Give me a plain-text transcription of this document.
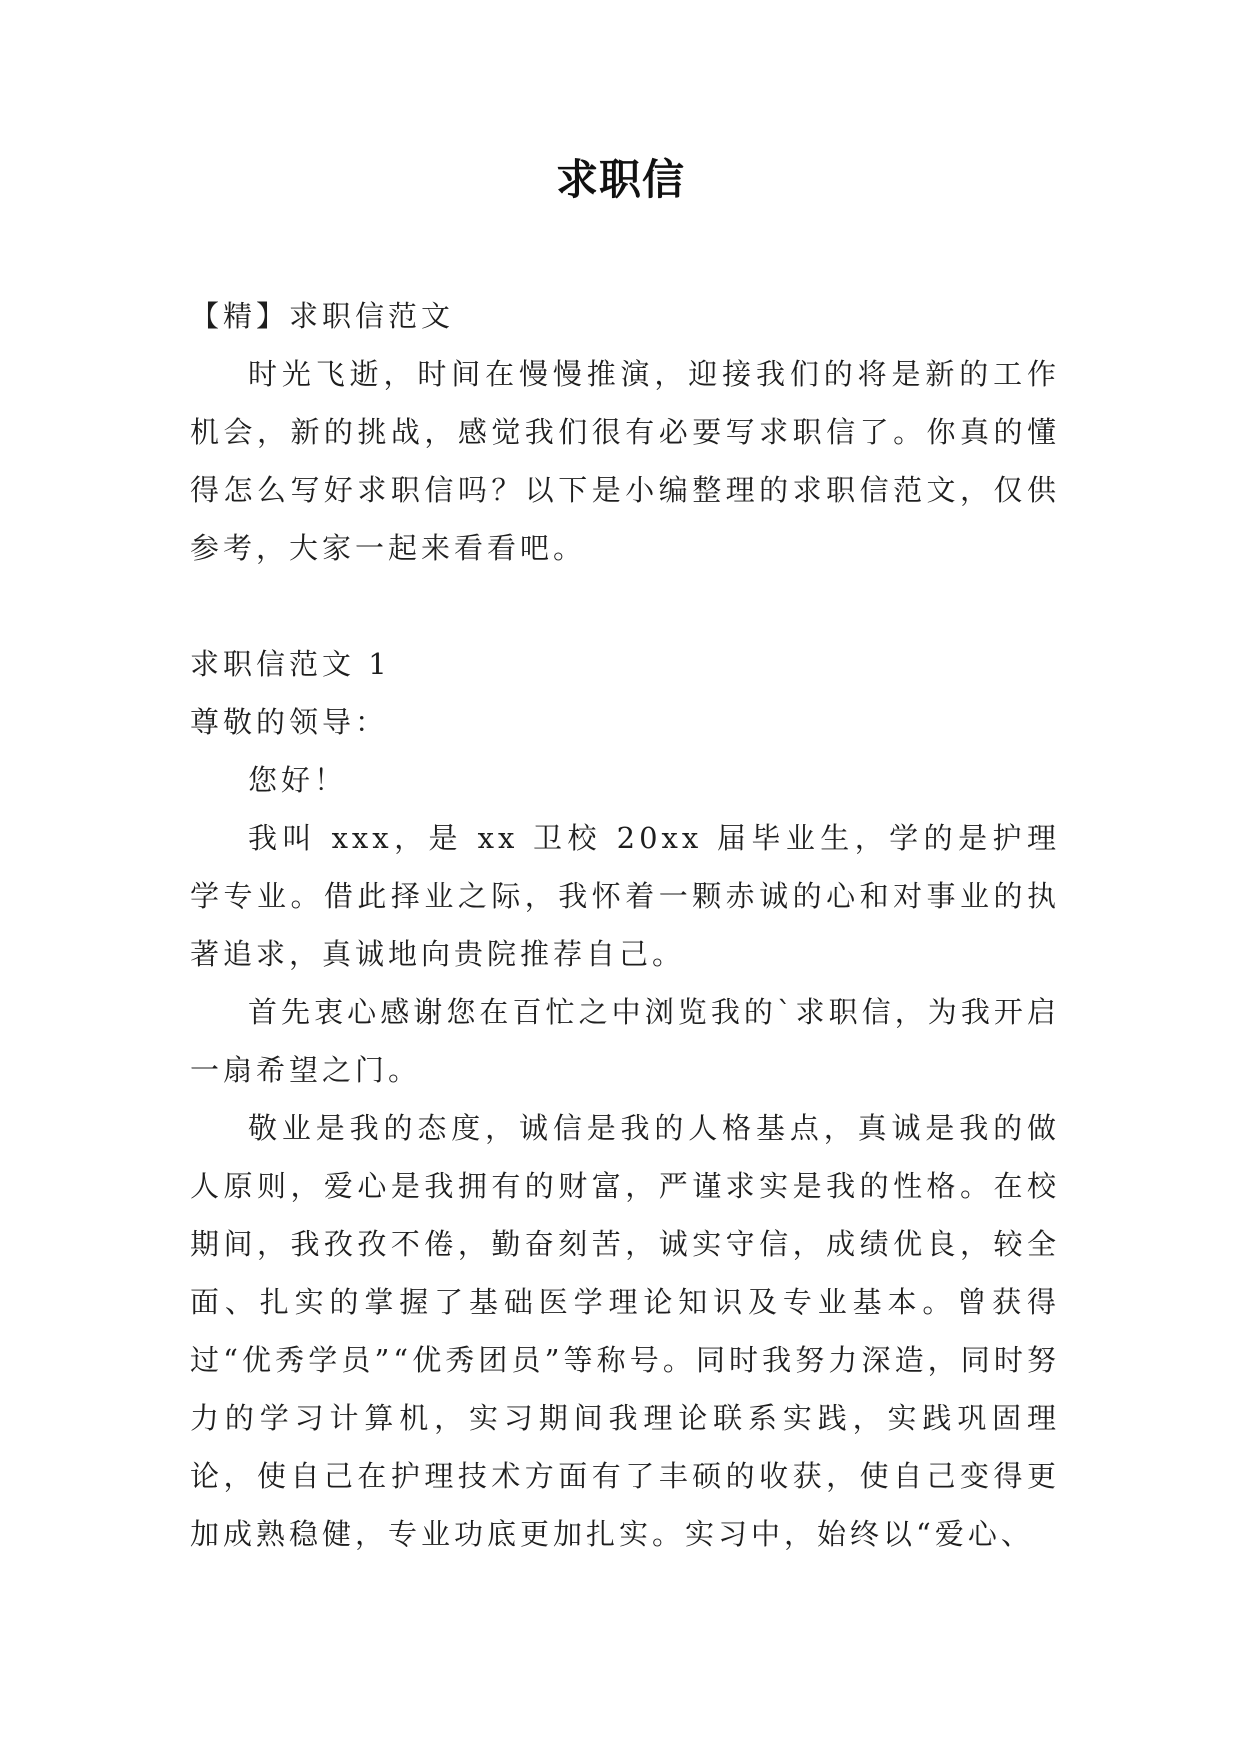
求职信

【精】求职信范文

时光飞逝，时间在慢慢推演，迎接我们的将是新的工作机会，新的挑战，感觉我们很有必要写求职信了。你真的懂得怎么写好求职信吗？以下是小编整理的求职信范文，仅供参考，大家一起来看看吧。

求职信范文 1

尊敬的领导：

您好！

我叫 xxx，是 xx 卫校 20xx 届毕业生，学的是护理学专业。借此择业之际，我怀着一颗赤诚的心和对事业的执著追求，真诚地向贵院推荐自己。

首先衷心感谢您在百忙之中浏览我的`求职信，为我开启一扇希望之门。

敬业是我的态度，诚信是我的人格基点，真诚是我的做人原则，爱心是我拥有的财富，严谨求实是我的性格。在校期间，我孜孜不倦，勤奋刻苦，诚实守信，成绩优良，较全面、扎实的掌握了基础医学理论知识及专业基本。曾获得过“优秀学员”“优秀团员”等称号。同时我努力深造，同时努力的学习计算机，实习期间我理论联系实践，实践巩固理论，使自己在护理技术方面有了丰硕的收获，使自己变得更加成熟稳健，专业功底更加扎实。实习中，始终以“爱心、
